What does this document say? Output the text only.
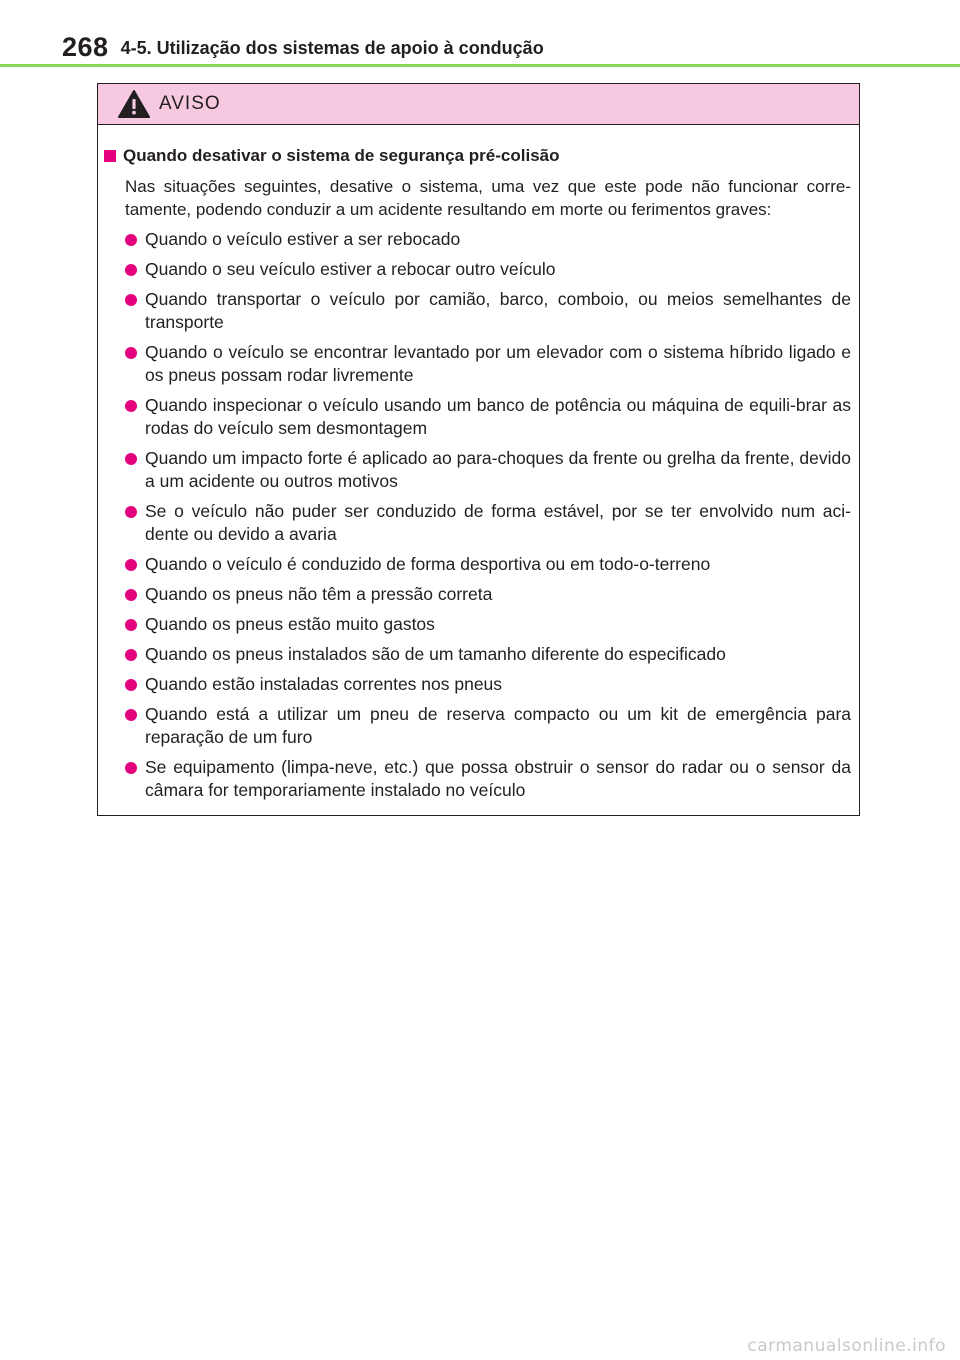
268 4-5. Utilização dos sistemas de apoio à condução
AVISO
Quando desativar o sistema de segurança pré-colisão
Nas situações seguintes, desative o sistema, uma vez que este pode não funcionar corre-tamente, podendo conduzir a um acidente resultando em morte ou ferimentos graves:
Quando o veículo estiver a ser rebocado
Quando o seu veículo estiver a rebocar outro veículo
Quando transportar o veículo por camião, barco, comboio, ou meios semelhantes de transporte
Quando o veículo se encontrar levantado por um elevador com o sistema híbrido ligado e os pneus possam rodar livremente
Quando inspecionar o veículo usando um banco de potência ou máquina de equili-brar as rodas do veículo sem desmontagem
Quando um impacto forte é aplicado ao para-choques da frente ou grelha da frente, devido a um acidente ou outros motivos
Se o veículo não puder ser conduzido de forma estável, por se ter envolvido num aci-dente ou devido a avaria
Quando o veículo é conduzido de forma desportiva ou em todo-o-terreno
Quando os pneus não têm a pressão correta
Quando os pneus estão muito gastos
Quando os pneus instalados são de um tamanho diferente do especificado
Quando estão instaladas correntes nos pneus
Quando está a utilizar um pneu de reserva compacto ou um kit de emergência para reparação de um furo
Se equipamento (limpa-neve, etc.) que possa obstruir o sensor do radar ou o sensor da câmara for temporariamente instalado no veículo
carmanualsonline.info
